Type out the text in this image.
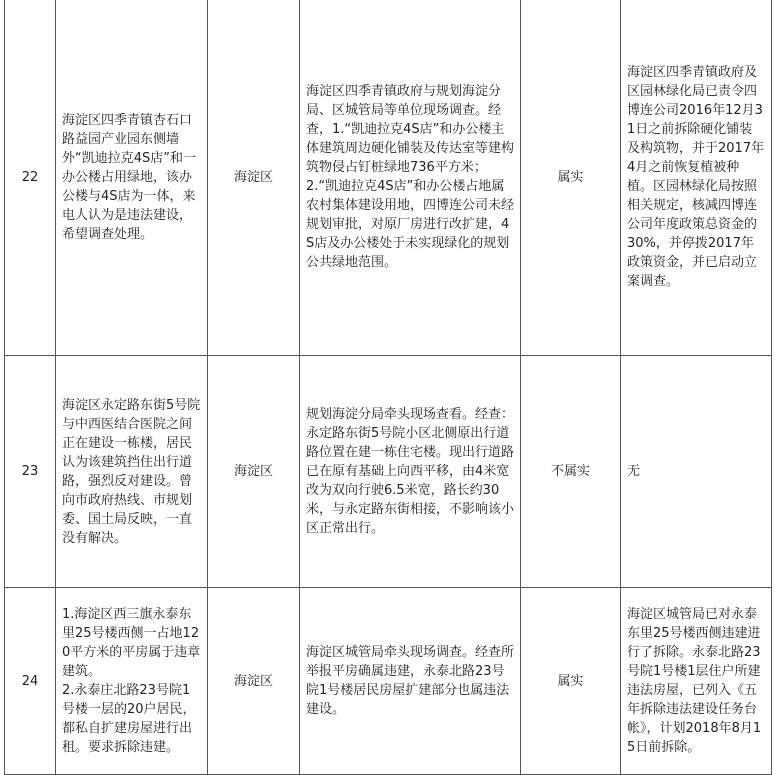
22	海淀区四季青镇杏石口路益园产业园东侧墙外“凯迪拉克4S店”和一办公楼占用绿地，该办公楼与4S店为一体，来电人认为是违法建设，希望调查处理。	海淀区	海淀区四季青镇政府与规划海淀分局、区城管局等单位现场调查。经查，1.“凯迪拉克4S店”和办公楼主体建筑周边硬化铺装及传达室等建构筑物侵占钉桩绿地736平方米；2.“凯迪拉克4S店”和办公楼占地属农村集体建设用地，四博连公司未经规划审批，对原厂房进行改扩建，4S店及办公楼处于未实现绿化的规划公共绿地范围。	属实	海淀区四季青镇政府及区园林绿化局已责令四博连公司2016年12月31日之前拆除硬化铺装及构筑物，并于2017年4月之前恢复植被种植。区园林绿化局按照相关规定，核减四博连公司年度政策总资金的30%，并停拨2017年政策资金，并已启动立案调查。
23	海淀区永定路东街5号院与中西医结合医院之间正在建设一栋楼，居民认为该建筑挡住出行道路，强烈反对建设。曾向市政府热线、市规划委、国土局反映，一直没有解决。	海淀区	规划海淀分局牵头现场查看。经查：永定路东街5号院小区北侧原出行道路位置在建一栋住宅楼。现出行道路已在原有基础上向西平移，由4米宽改为双向行驶6.5米宽，路长约30米，与永定路东街相接，不影响该小区正常出行。	不属实	无
24	1.海淀区西三旗永泰东里25号楼西侧一占地120平方米的平房属于违章建筑。
2.永泰庄北路23号院1号楼一层的20户居民，都私自扩建房屋进行出租。要求拆除违建。	海淀区	海淀区城管局牵头现场调查。经查所举报平房确属违建，永泰北路23号院1号楼居民房屋扩建部分也属违法建设。	属实	海淀区城管局已对永泰东里25号楼西侧违建进行了拆除。永泰北路23号院1号楼1层住户所建违法房屋，已列入《五年拆除违法建设任务台帐》，计划2018年8月15日前拆除。
